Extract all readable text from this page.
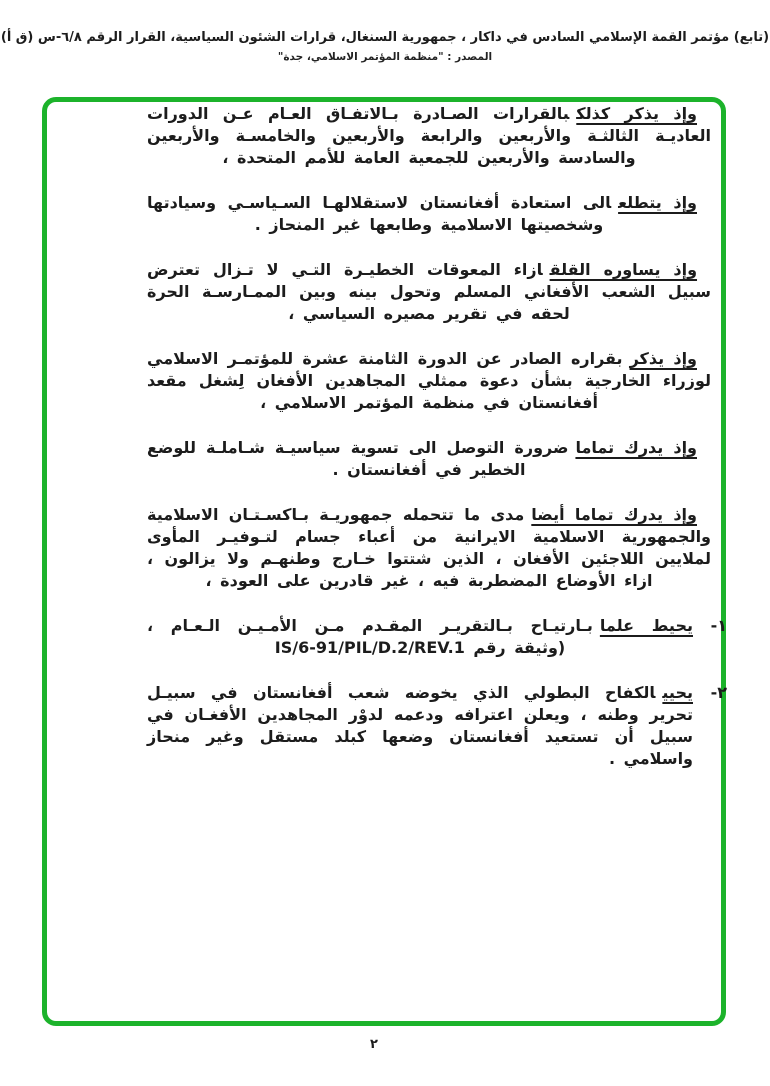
(تابع) مؤتمر القمة الإسلامي السادس في داكار ، جمهورية السنغال، قرارات الشئون السياسية، القرار الرقم ٦/٨-س (ق أ)
المصدر : "منظمة المؤتمر الاسلامي، جدة"

وإذ يذكر كذلكبالقرارات الصـادرة بـالاتفـاق العـام عـن الدورات العاديـة الثالثـة والأربعين والرابعة والأربعين والخامسـة والأربعين والسادسة والأربعين للجمعية العامة للأمم المتحدة ،

وإذ يتطلعالى استعادة أفغانستان لاستقلالهـا السـياسـي وسيادتها وشخصيتها الاسلامية وطابعها غير المنحاز .

وإذ يساوره القلقازاء المعوقات الخطيـرة التـي لا تـزال تعترض سبيل الشعب الأفغاني المسلم وتحول بينه وبين الممـارسـة الحرة لحقه في تقرير مصيره السياسي ،

وإذ يذكربقراره الصادر عن الدورة الثامنة عشرة للمؤتمـر الاسلامي لوزراء الخارجية بشأن دعوة ممثلي المجاهدين الأفغان لِشغل مقعد أفغانستان في منظمة المؤتمر الاسلامي ،

وإذ يدرك تماماضرورة التوصل الى تسوية سياسيـة شـاملـة للوضع الخطير في أفغانستان .

وإذ يدرك تماما أيضامدى ما تتحمله جمهوريـة بـاكسـتـان الاسلامية والجمهورية الاسلامية الايرانية من أعباء جسام لتـوفيـر المأوى لملايين اللاجئين الأفغان ، الذين شتتوا خـارج وطنهـم ولا يزالون ، ازاء الأوضاع المضطربة فيه ، غير قادرين على العودة ،

١-
يحيط علمابـارتيـاح بـالتقريـر المقـدم مـن الأمـيـن الـعـام ،
(وثيقة رقم IS/6-91/PIL/D.2/REV.1
٢-
يحييالكفاح البطولي الذي يخوضه شعب أفغانستان في سبيـل تحرير وطنه ، ويعلن اعترافه ودعمه لدوْر المجاهدين الأفغـان في سبيل أن تستعيد أفغانستان وضعها كبلد مستقل وغير منحاز واسلامي .
٢
